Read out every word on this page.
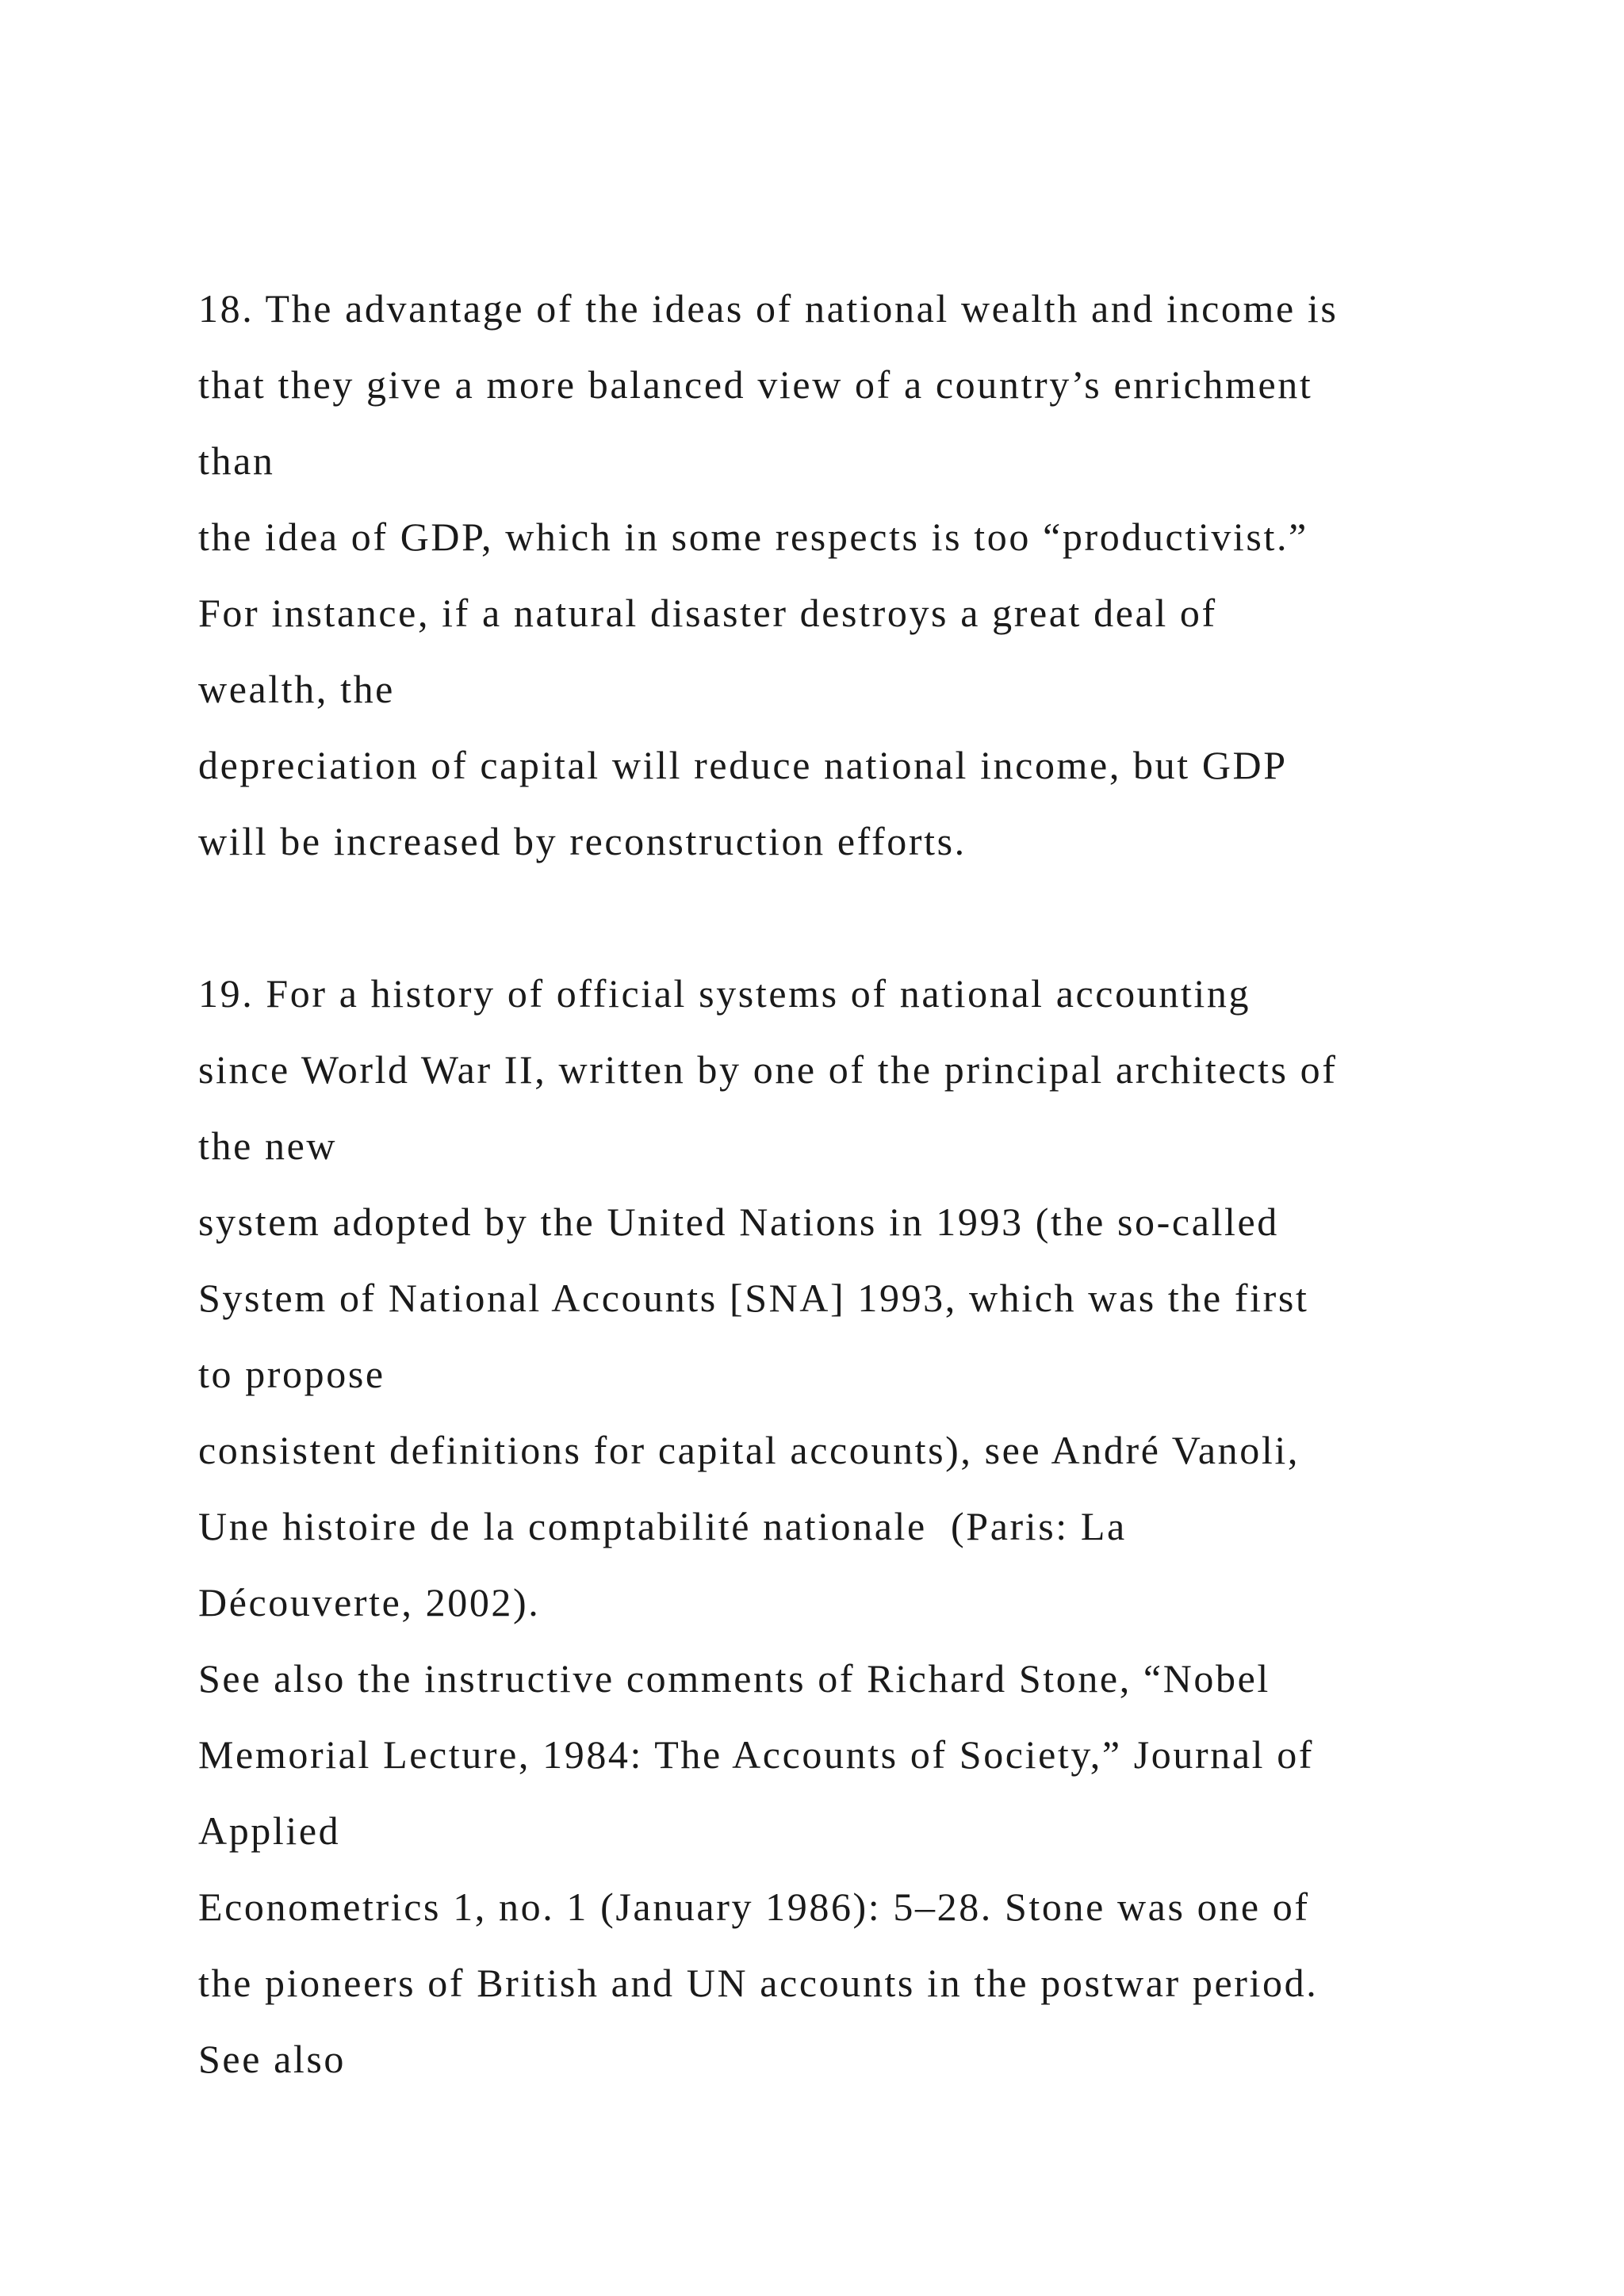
18. The advantage of the ideas of national wealth and income is
that they give a more balanced view of a country’s enrichment
than
the idea of GDP, which in some respects is too “productivist.”
For instance, if a natural disaster destroys a great deal of
wealth, the
depreciation of capital will reduce national income, but GDP
will be increased by reconstruction efforts.
19. For a history of official systems of national accounting
since World War II, written by one of the principal architects of
the new
system adopted by the United Nations in 1993 (the so-called
System of National Accounts [SNA] 1993, which was the first
to propose
consistent definitions for capital accounts), see André Vanoli,
Une histoire de la comptabilité nationale  (Paris: La
Découverte, 2002).
See also the instructive comments of Richard Stone, “Nobel
Memorial Lecture, 1984: The Accounts of Society,” Journal of
Applied
Econometrics 1, no. 1 (January 1986): 5–28. Stone was one of
the pioneers of British and UN accounts in the postwar period.
See also
